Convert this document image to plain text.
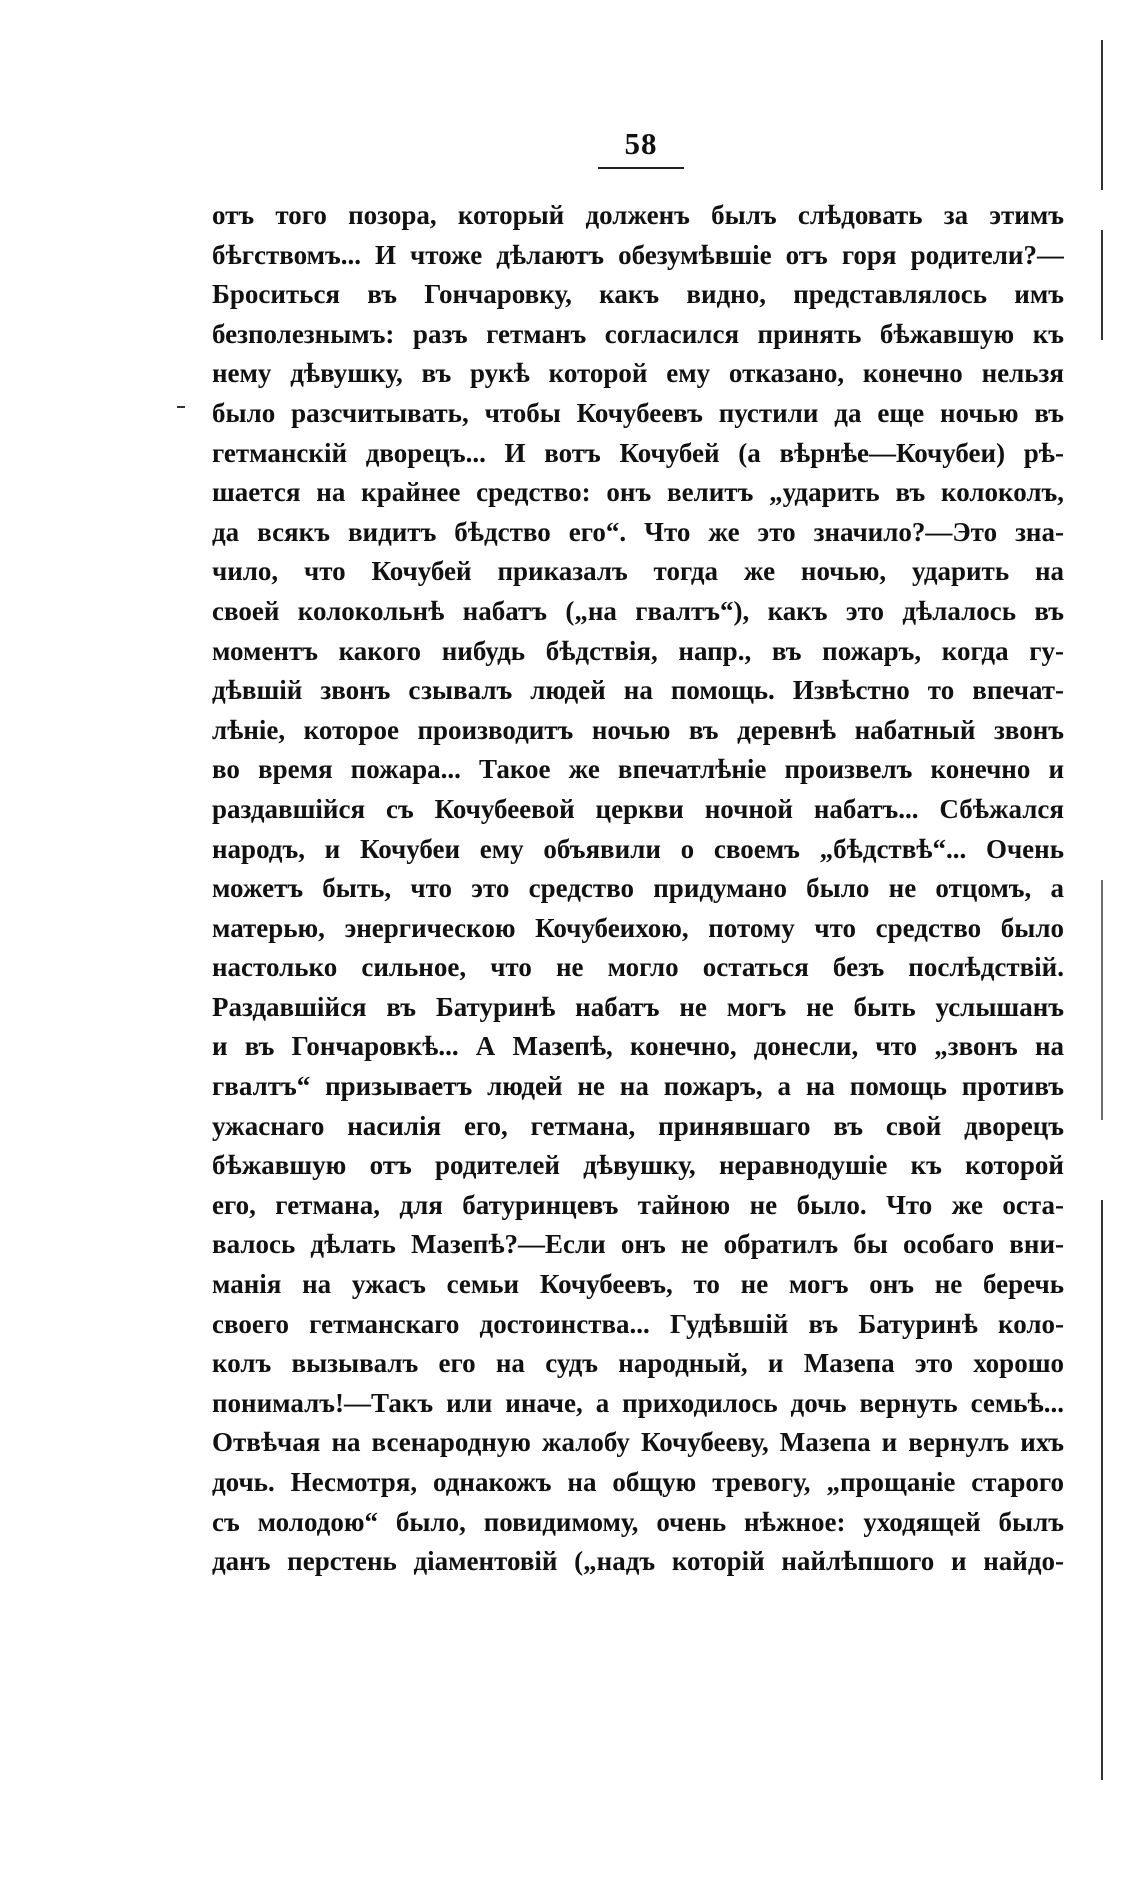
58
отъ того позора, который долженъ былъ слѣдовать за этимъ
бѣгствомъ... И чтоже дѣлаютъ обезумѣвшіе отъ горя родители?—
Броситься въ Гончаровку, какъ видно, представлялось имъ
безполезнымъ: разъ гетманъ согласился принять бѣжавшую къ
нему дѣвушку, въ рукѣ которой ему отказано, конечно нельзя
было разсчитывать, чтобы Кочубеевъ пустили да еще ночью въ
гетманскій дворецъ... И вотъ Кочубей (а вѣрнѣе—Кочубеи) рѣ-
шается на крайнее средство: онъ велитъ „ударить въ колоколъ,
да всякъ видитъ бѣдство его“. Что же это значило?—Это зна-
чило, что Кочубей приказалъ тогда же ночью, ударить на
своей колокольнѣ набатъ („на гвалтъ“), какъ это дѣлалось въ
моментъ какого нибудь бѣдствія, напр., въ пожаръ, когда гу-
дѣвшій звонъ сзывалъ людей на помощь. Извѣстно то впечат-
лѣніе, которое производитъ ночью въ деревнѣ набатный звонъ
во время пожара... Такое же впечатлѣніе произвелъ конечно и
раздавшійся съ Кочубеевой церкви ночной набатъ... Сбѣжался
народъ, и Кочубеи ему объявили о своемъ „бѣдствѣ“... Очень
можетъ быть, что это средство придумано было не отцомъ, а
матерью, энергическою Кочубеихою, потому что средство было
настолько сильное, что не могло остаться безъ послѣдствій.
Раздавшійся въ Батуринѣ набатъ не могъ не быть услышанъ
и въ Гончаровкѣ... А Мазепѣ, конечно, донесли, что „звонъ на
гвалтъ“ призываетъ людей не на пожаръ, а на помощь противъ
ужаснаго насилія его, гетмана, принявшаго въ свой дворецъ
бѣжавшую отъ родителей дѣвушку, неравнодушіе къ которой
его, гетмана, для батуринцевъ тайною не было. Что же оста-
валось дѣлать Мазепѣ?—Если онъ не обратилъ бы особаго вни-
манія на ужасъ семьи Кочубеевъ, то не могъ онъ не беречь
своего гетманскаго достоинства... Гудѣвшій въ Батуринѣ коло-
колъ вызывалъ его на судъ народный, и Мазепа это хорошо
понималъ!—Такъ или иначе, а приходилось дочь вернуть семьѣ...
Отвѣчая на всенародную жалобу Кочубееву, Мазепа и вернулъ ихъ
дочь. Несмотря, однакожъ на общую тревогу, „прощаніе старого
съ молодою“ было, повидимому, очень нѣжное: уходящей былъ
данъ перстень діаментовій („надъ которій найлѣпшого и найдо-
